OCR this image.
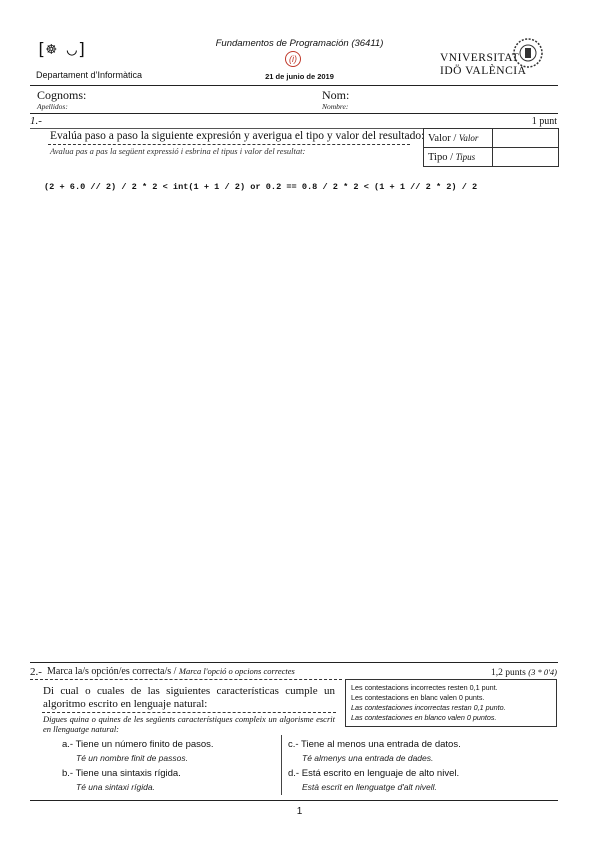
[☸ ◡]
Departament d’Informàtica
Fundamentos de Programación (36411)
(i)
21 de junio de 2019
VNIVERSITAT
IDÖ VALÈNCIA
Cognoms:
Apellidos:
Nom:
Nombre:
1.-	1 punt
Evalúa paso a paso la siguiente expresión y averigua el tipo y valor del resultado:
Avalua pas a pas la següent expressió i esbrina el tipus i valor del resultat:
Valor / Valor	
Tipo / Tipus	
(2 + 6.0 // 2) / 2 * 2 < int(1 + 1 / 2) or 0.2 == 0.8 / 2 * 2 < (1 + 1 // 2 * 2) / 2
2.- Marca la/s opción/es correcta/s / Marca l'opció o opcions correctes	1,2 punts (3 * 0'4)
Di cual o cuales de las siguientes características cumple un algoritmo escrito en lenguaje natural:
Digues quina o quines de les següents característiques compleix un algorisme escrit en llenguatge natural:
Les contestacions incorrectes resten 0,1 punt.
Les contestacions en blanc valen 0 punts.
Las contestaciones incorrectas restan 0,1 punto.
Las contestaciones en blanco valen 0 puntos.
a.- Tiene un número finito de pasos.
Té un nombre finit de passos.
b.- Tiene una sintaxis rígida.
Té una sintaxi rígida.
c.- Tiene al menos una entrada de datos.
Té almenys una entrada de dades.
d.- Está escrito en lenguaje de alto nivel.
Està escrit en llenguatge d'alt nivell.
1
